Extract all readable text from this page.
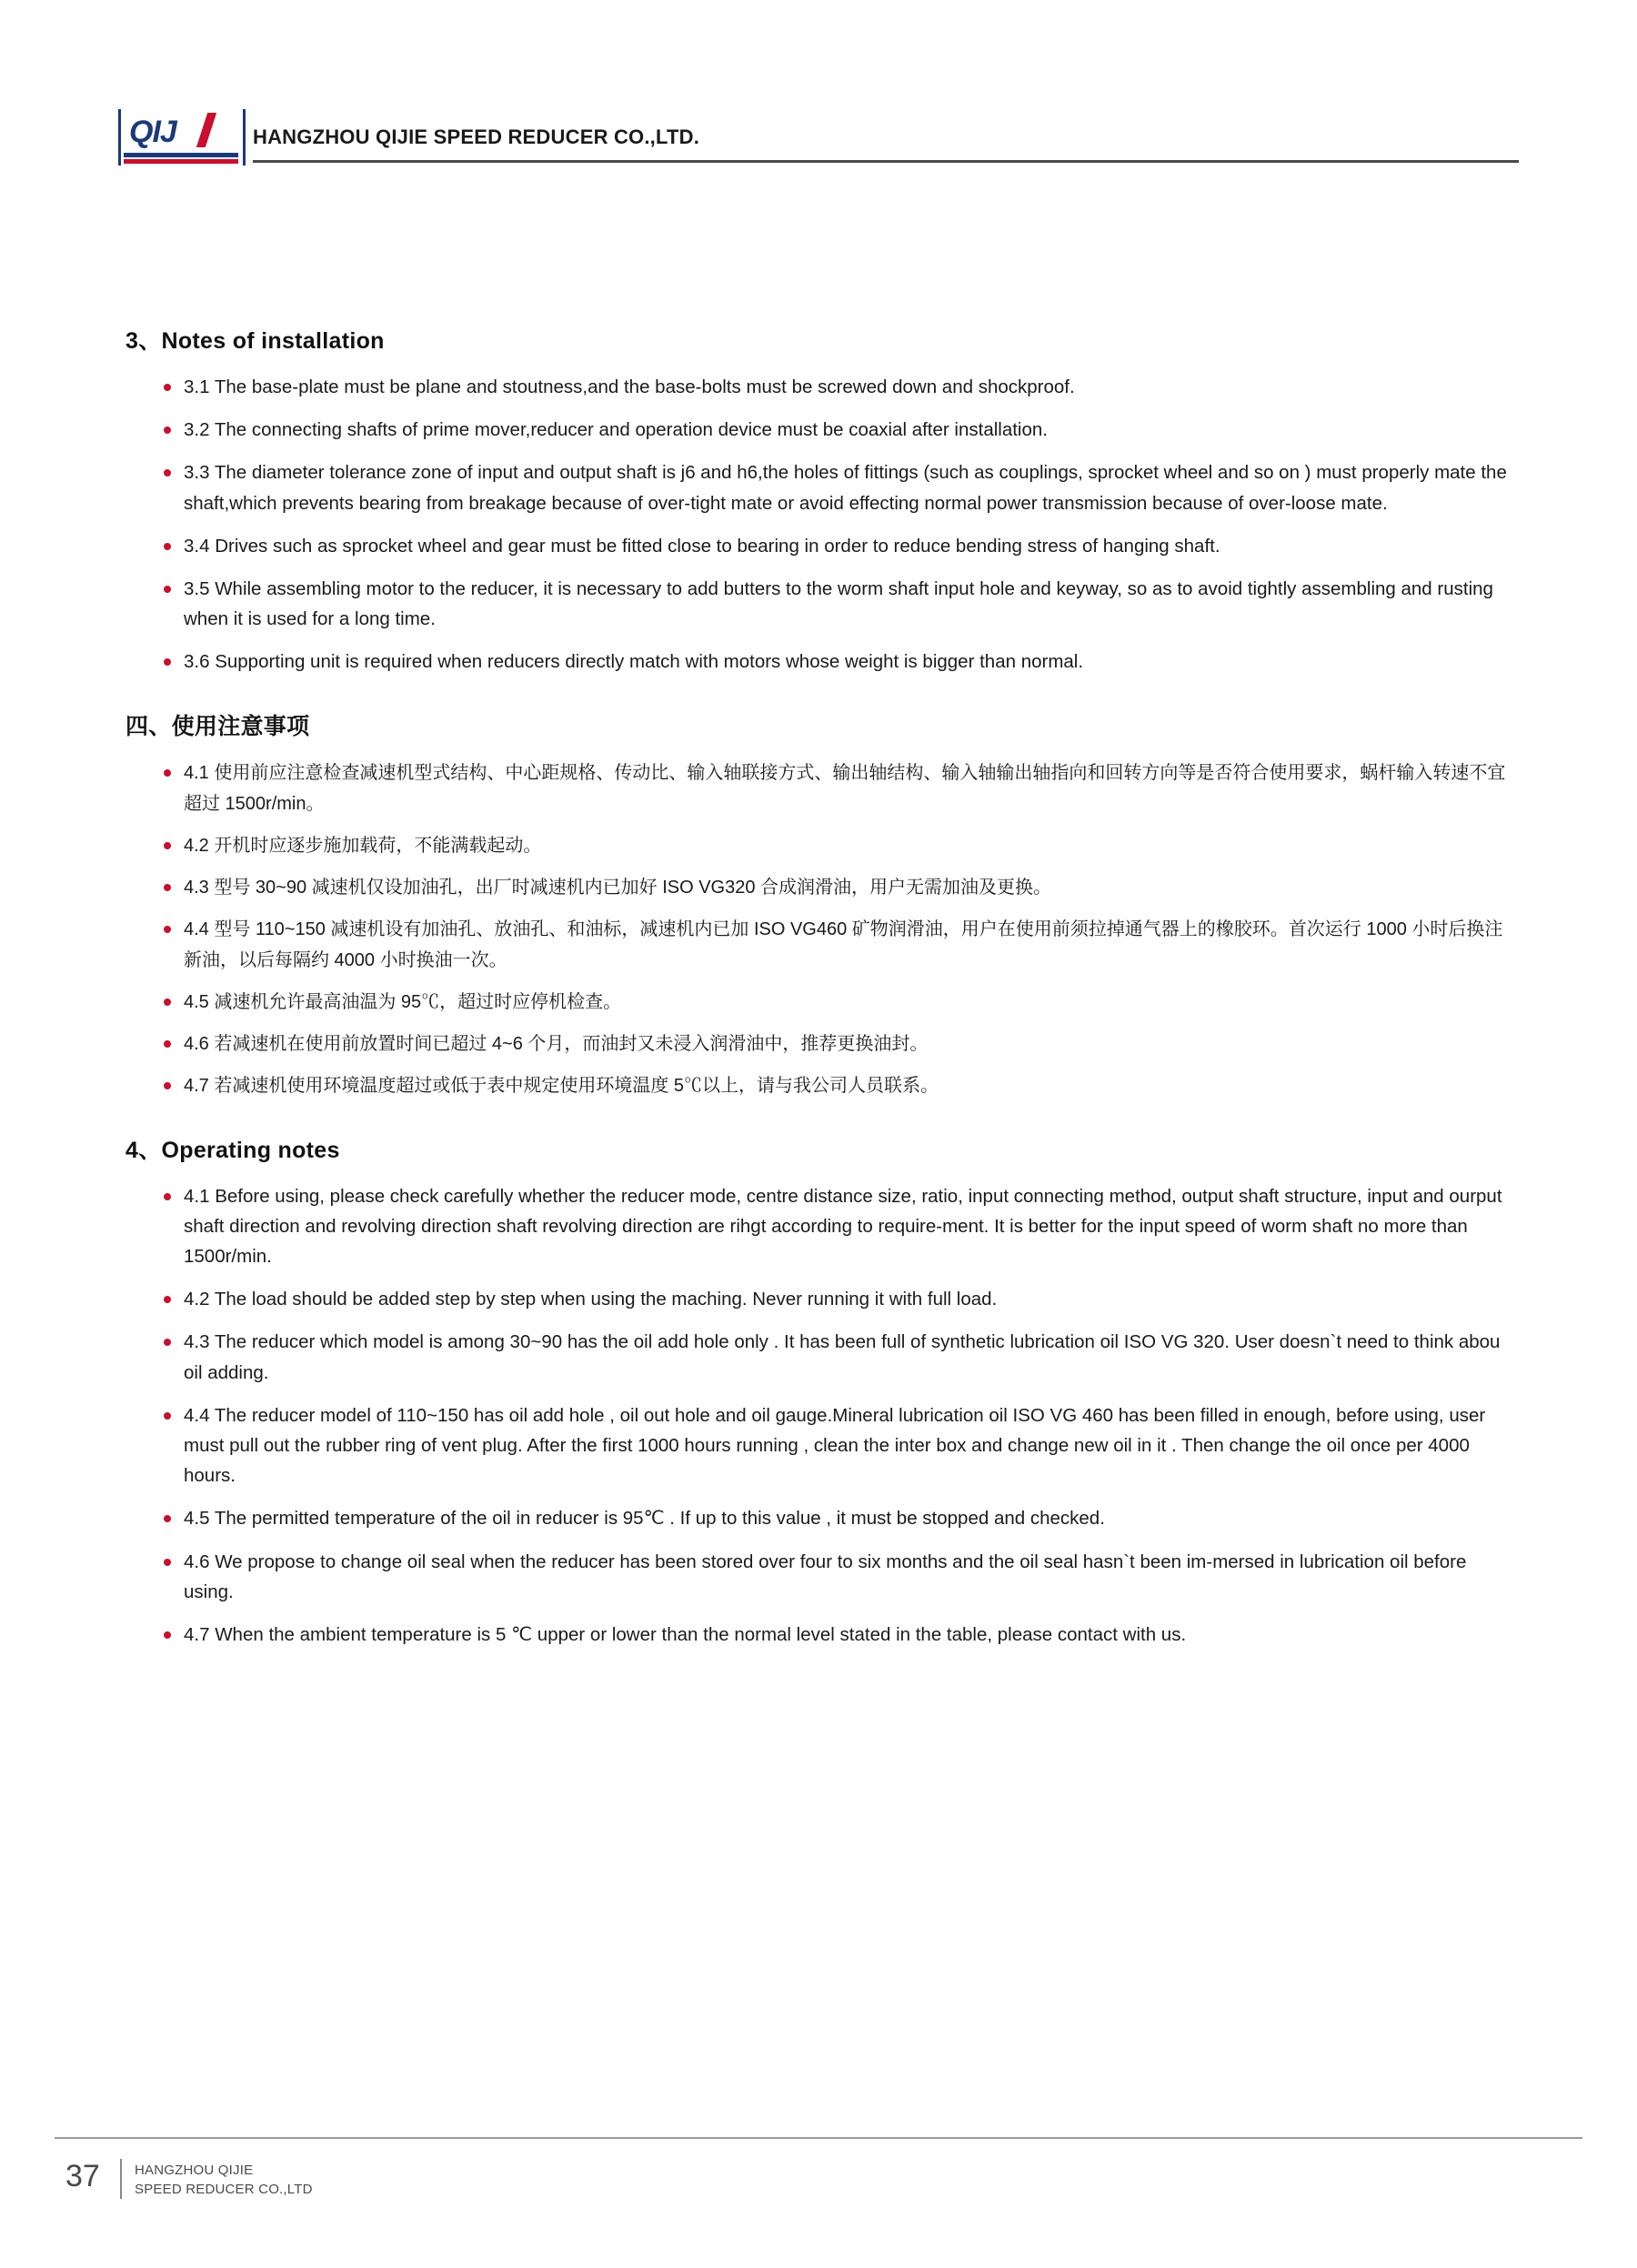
QIJ	HANGZHOU QIJIE SPEED REDUCER CO.,LTD.
3、Notes of installation
3.1 The base-plate must be plane and stoutness,and the base-bolts must be screwed down and shockproof.
3.2 The connecting shafts of prime mover,reducer and operation device must be coaxial after installation.
3.3 The diameter tolerance zone of input and output shaft is j6 and h6,the holes of fittings (such as couplings, sprocket wheel and so on ) must properly mate the shaft,which prevents bearing from breakage because of over-tight mate or avoid effecting normal power transmission because of over-loose mate.
3.4 Drives such as sprocket wheel and gear must be fitted close to bearing in order to reduce bending stress of hanging shaft.
3.5 While assembling motor to the reducer, it is necessary to add butters to the worm shaft input hole and keyway, so as to avoid tightly assembling and rusting when it is used for a long time.
3.6 Supporting unit is required when reducers directly match with motors whose weight is bigger than normal.
四、使用注意事项
4.1 使用前应注意检查减速机型式结构、中心距规格、传动比、输入轴联接方式、输出轴结构、输入轴输出轴指向和回转方向等是否符合使用要求，蜗杆输入转速不宜超过 1500r/min。
4.2 开机时应逐步施加载荷，不能满载起动。
4.3 型号 30~90 减速机仅设加油孔，出厂时减速机内已加好 ISO VG320 合成润滑油，用户无需加油及更换。
4.4 型号 110~150 减速机设有加油孔、放油孔、和油标，减速机内已加 ISO VG460 矿物润滑油，用户在使用前须拉掉通气器上的橡胶环。首次运行 1000 小时后换注新油，以后每隔约 4000 小时换油一次。
4.5 减速机允许最高油温为 95℃，超过时应停机检查。
4.6 若减速机在使用前放置时间已超过 4~6 个月，而油封又未浸入润滑油中，推荐更换油封。
4.7 若减速机使用环境温度超过或低于表中规定使用环境温度 5℃以上，请与我公司人员联系。
4、Operating notes
4.1 Before using, please check carefully whether the reducer mode, centre distance size, ratio, input connecting method, output shaft structure, input and ourput shaft direction and revolving direction shaft revolving direction are rihgt according to require-ment. It is better for the input speed of worm shaft no more than 1500r/min.
4.2 The load should be added step by step when using the maching. Never running it with full load.
4.3 The reducer which model is among 30~90 has the oil add hole only . It has been full of synthetic lubrication oil ISO VG 320. User doesn`t need to think abou oil adding.
4.4 The reducer model of 110~150 has oil add hole , oil out hole and oil gauge.Mineral lubrication oil ISO VG 460 has been filled in enough, before using, user must pull out the rubber ring of vent plug. After the first 1000 hours running , clean the inter box and change new oil in it . Then change the oil once per 4000 hours.
4.5 The permitted temperature of the oil in reducer is 95℃ . If up to this value , it must be stopped and checked.
4.6 We propose to change oil seal when the reducer has been stored over four to six months and the oil seal hasn`t been im-mersed in lubrication oil before using.
4.7 When the ambient temperature is 5 ℃ upper or lower than the normal level stated in the table, please contact with us.
37	HANGZHOU QIJIE
SPEED REDUCER CO.,LTD
